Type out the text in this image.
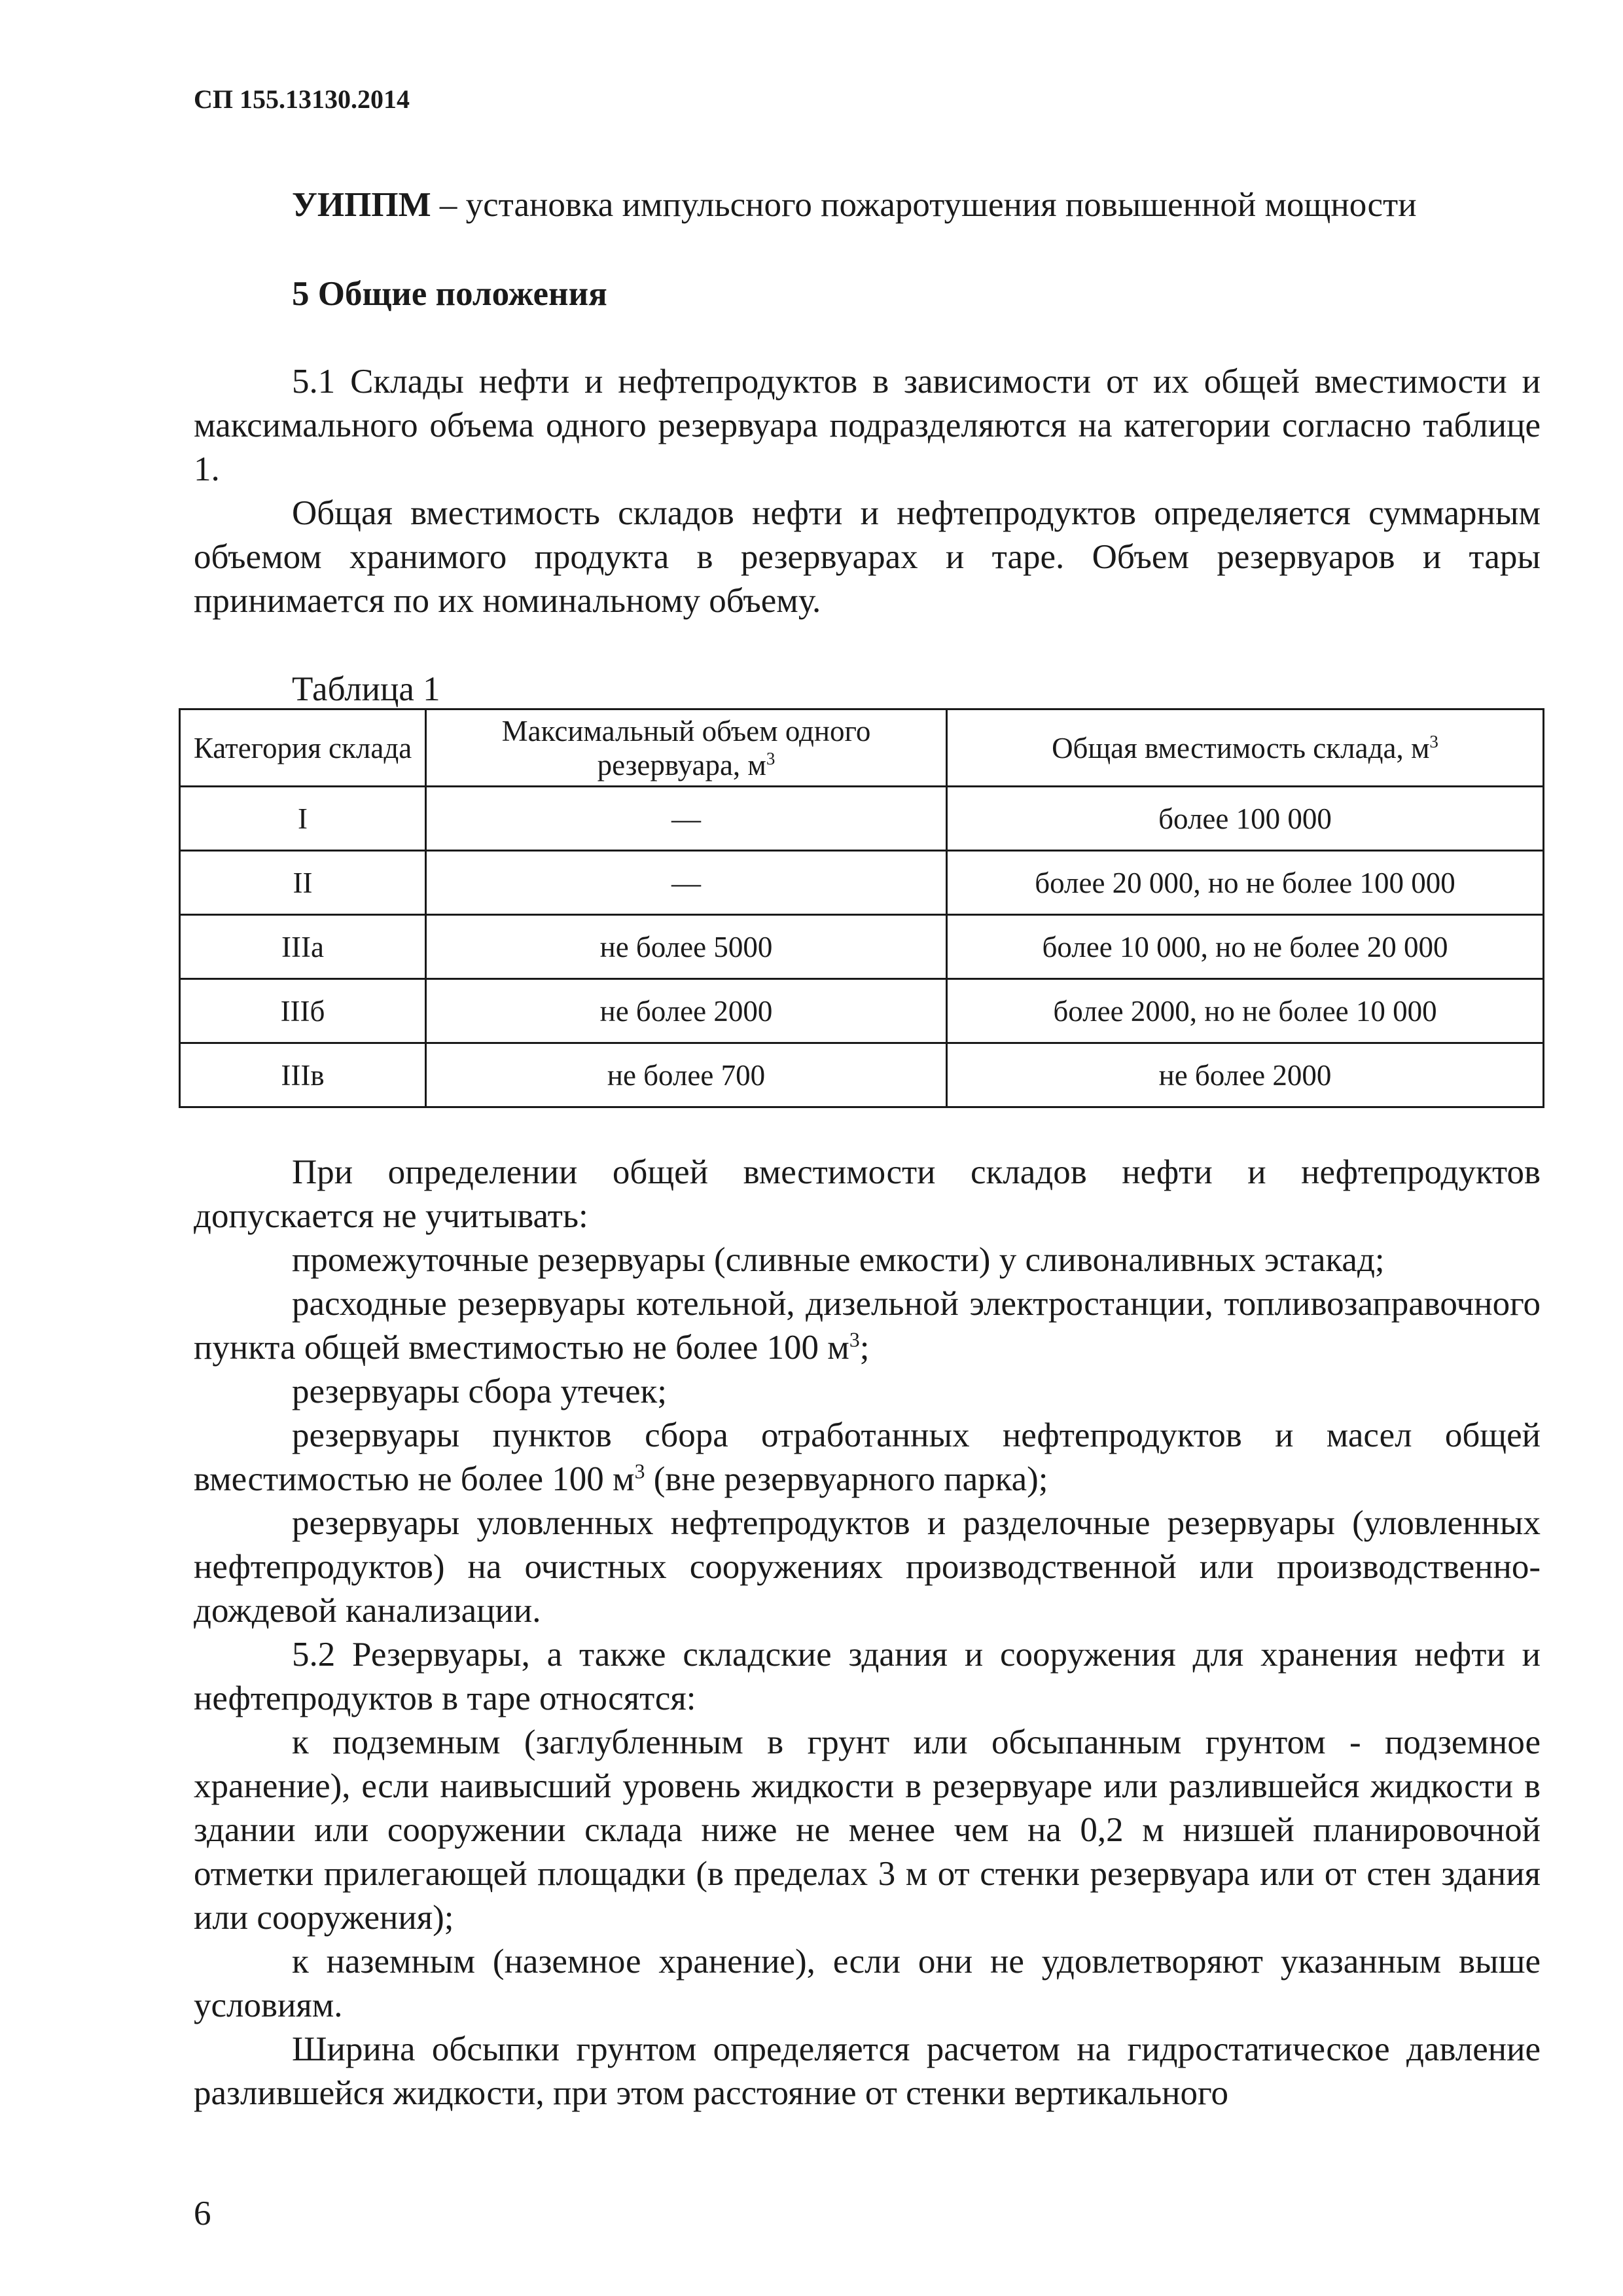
СП 155.13130.2014
УИППМ – установка импульсного пожаротушения повышенной мощности
5 Общие положения

5.1 Склады нефти и нефтепродуктов в зависимости от их общей вместимости и максимального объема одного резервуара подразделяются на категории согласно таблице 1.

Общая вместимость складов нефти и нефтепродуктов определяется суммарным объемом хранимого продукта в резервуарах и таре. Объем резервуаров и тары принимается по их номинальному объему.

Таблица 1
Категория склада	Максимальный объем одного резервуара, $м^3$	Общая вместимость склада, $м^3$
I	—	более 100 000
II	—	более 20 000, но не более 100 000
IIIа	не более 5000	более 10 000, но не более 20 000
IIIб	не более 2000	более 2000, но не более 10 000
IIIв	не более 700	не более 2000

При определении общей вместимости складов нефти и нефтепродуктов допускается не учитывать:

промежуточные резервуары (сливные емкости) у сливоналивных эстакад;

расходные резервуары котельной, дизельной электростанции, топливозаправочного пункта общей вместимостью не более 100 $м^3$;

резервуары сбора утечек;

резервуары пунктов сбора отработанных нефтепродуктов и масел общей вместимостью не более 100 $м^3$ (вне резервуарного парка);

резервуары уловленных нефтепродуктов и разделочные резервуары (уловленных нефтепродуктов) на очистных сооружениях производственной или производственно-дождевой канализации.

5.2 Резервуары, а также складские здания и сооружения для хранения нефти и нефтепродуктов в таре относятся:

к подземным (заглубленным в грунт или обсыпанным грунтом - подземное хранение), если наивысший уровень жидкости в резервуаре или разлившейся жидкости в здании или сооружении склада ниже не менее чем на 0,2 м низшей планировочной отметки прилегающей площадки (в пределах 3 м от стенки резервуара или от стен здания или сооружения);

к наземным (наземное хранение), если они не удовлетворяют указанным выше условиям.

Ширина обсыпки грунтом определяется расчетом на гидростатическое давление разлившейся жидкости, при этом расстояние от стенки вертикального

6
